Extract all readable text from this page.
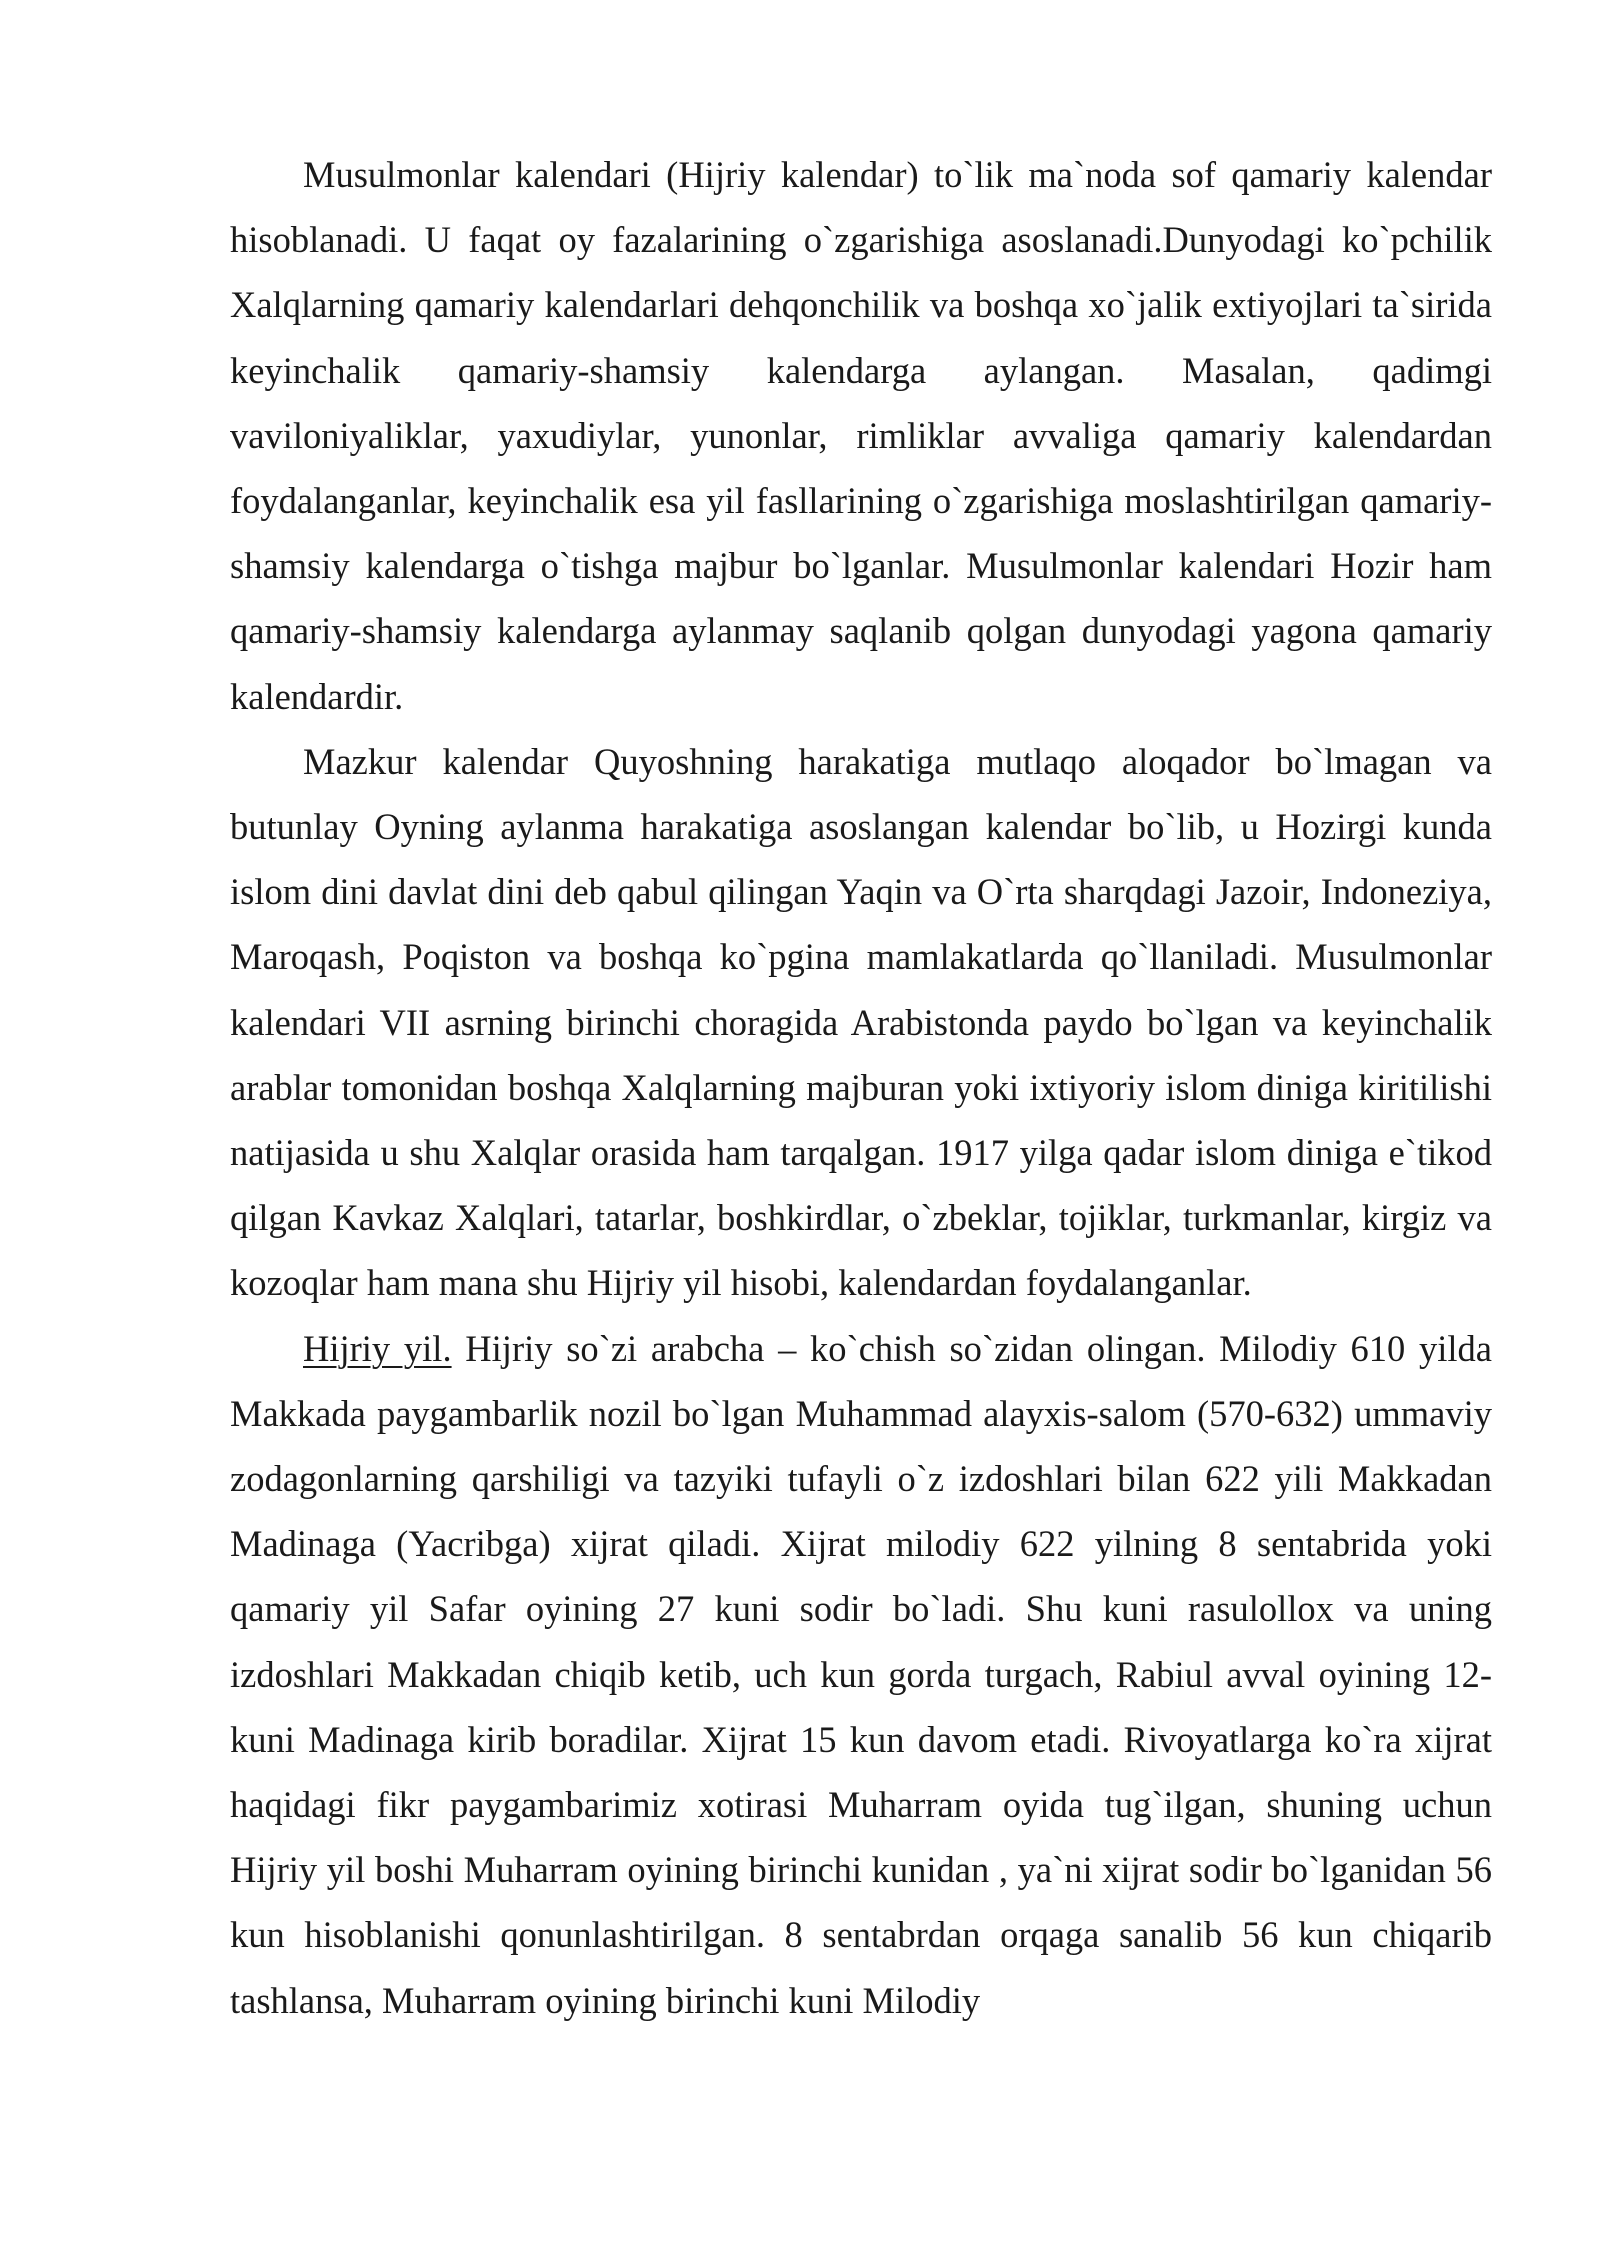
Musulmonlar kalendari (Hijriy kalendar) to`lik ma`noda sof qamariy kalendar hisoblanadi. U faqat oy fazalarining o`zgarishiga asoslanadi.Dunyodagi ko`pchilik Xalqlarning qamariy kalendarlari dehqonchilik va boshqa xo`jalik extiyojlari ta`sirida keyinchalik qamariy-shamsiy kalendarga aylangan. Masalan, qadimgi vaviloniyaliklar, yaxudiylar, yunonlar, rimliklar avvaliga qamariy kalendardan foydalanganlar, keyinchalik esa yil fasllarining o`zgarishiga moslashtirilgan qamariy- shamsiy kalendarga o`tishga majbur bo`lganlar. Musulmonlar kalendari Hozir ham qamariy-shamsiy kalendarga aylanmay saqlanib qolgan dunyodagi yagona qamariy kalendardir.

Mazkur kalendar Quyoshning harakatiga mutlaqo aloqador bo`lmagan va butunlay Oyning aylanma harakatiga asoslangan kalendar bo`lib, u Hozirgi kunda islom dini davlat dini deb qabul qilingan Yaqin va O`rta sharqdagi Jazoir, Indoneziya, Maroqash, Poqiston va boshqa ko`pgina mamlakatlarda qo`llaniladi. Musulmonlar kalendari VII asrning birinchi choragida Arabistonda paydo bo`lgan va keyinchalik arablar tomonidan boshqa Xalqlarning majburan yoki ixtiyoriy islom diniga kiritilishi natijasida u shu Xalqlar orasida ham tarqalgan. 1917 yilga qadar islom diniga e`tikod qilgan Kavkaz Xalqlari, tatarlar, boshkirdlar, o`zbeklar, tojiklar, turkmanlar, kirgiz va kozoqlar ham mana shu Hijriy yil hisobi, kalendardan foydalanganlar.

Hijriy yil. Hijriy so`zi arabcha – ko`chish so`zidan olingan. Milodiy 610 yilda Makkada paygambarlik nozil bo`lgan Muhammad alayxis-salom (570-632) ummaviy zodagonlarning qarshiligi va tazyiki tufayli o`z izdoshlari bilan 622 yili Makkadan Madinaga (Yacribga) xijrat qiladi. Xijrat milodiy 622 yilning 8 sentabrida yoki qamariy yil Safar oyining 27 kuni sodir bo`ladi. Shu kuni rasulollox va uning izdoshlari Makkadan chiqib ketib, uch kun gorda turgach, Rabiul avval oyining 12-kuni Madinaga kirib boradilar. Xijrat 15 kun davom etadi. Rivoyatlarga ko`ra xijrat haqidagi fikr paygambarimiz xotirasi Muharram oyida tug`ilgan, shuning uchun Hijriy yil boshi Muharram oyining birinchi kunidan , ya`ni xijrat sodir bo`lganidan 56 kun hisoblanishi qonunlashtirilgan. 8 sentabrdan orqaga sanalib 56 kun chiqarib tashlansa, Muharram oyining birinchi kuni Milodiy
